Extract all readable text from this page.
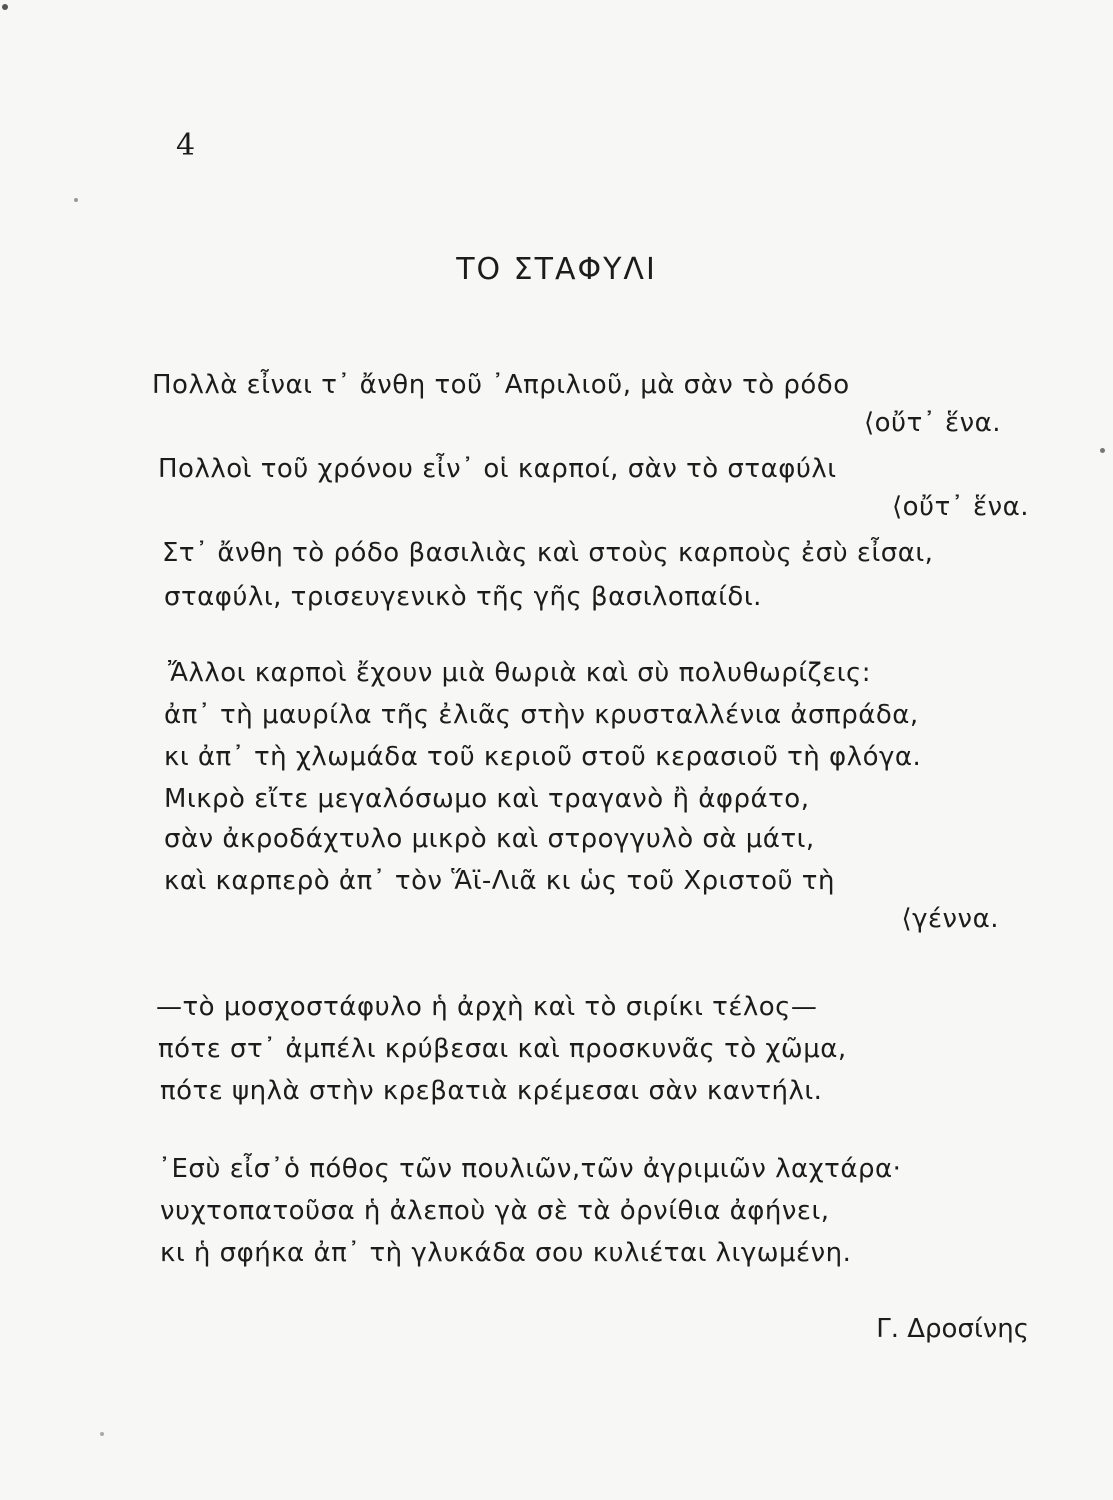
4
ΤΟ ΣΤΑΦΥΛΙ
Πολλὰ εἶναι τ᾽ ἄνθη τοῦ ᾽Απριλιοῦ, μὰ σὰν τὸ ρόδο
⟨οὔτ᾽ ἕνα.
Πολλοὶ τοῦ χρόνου εἶν᾽ οἱ καρποί, σὰν τὸ σταφύλι
⟨οὔτ᾽ ἕνα.
Στ᾽ ἄνθη τὸ ρόδο βασιλιὰς καὶ στοὺς καρποὺς ἐσὺ εἶσαι,
σταφύλι, τρισευγενικὸ τῆς γῆς βασιλοπαίδι.
Ἄλλοι καρποὶ ἔχουν μιὰ θωριὰ καὶ σὺ πολυθωρίζεις:
ἀπ᾽ τὴ μαυρίλα τῆς ἐλιᾶς στὴν κρυσταλλένια ἀσπράδα,
κι ἀπ᾽ τὴ χλωμάδα τοῦ κεριοῦ στοῦ κερασιοῦ τὴ φλόγα.
Μικρὸ εἴτε μεγαλόσωμο καὶ τραγανὸ ἢ ἀφράτο,
σὰν ἀκροδάχτυλο μικρὸ καὶ στρογγυλὸ σὰ μάτι,
καὶ καρπερὸ ἀπ᾽ τὸν Ἅϊ-Λιᾶ κι ὡς τοῦ Χριστοῦ τὴ
⟨γέννα.
—τὸ μοσχοστάφυλο ἡ ἀρχὴ καὶ τὸ σιρίκι τέλος—
πότε στ᾽ ἀμπέλι κρύβεσαι καὶ προσκυνᾶς τὸ χῶμα,
πότε ψηλὰ στὴν κρεβατιὰ κρέμεσαι σὰν καντήλι.
᾽Εσὺ εἶσ᾽ὁ πόθος τῶν πουλιῶν,τῶν ἀγριμιῶν λαχτάρα·
νυχτοπατοῦσα ἡ ἀλεποὺ γὰ σὲ τὰ ὀρνίθια ἀφήνει,
κι ἡ σφήκα ἀπ᾽ τὴ γλυκάδα σου κυλιέται λιγωμένη.
Γ. Δροσίνης
